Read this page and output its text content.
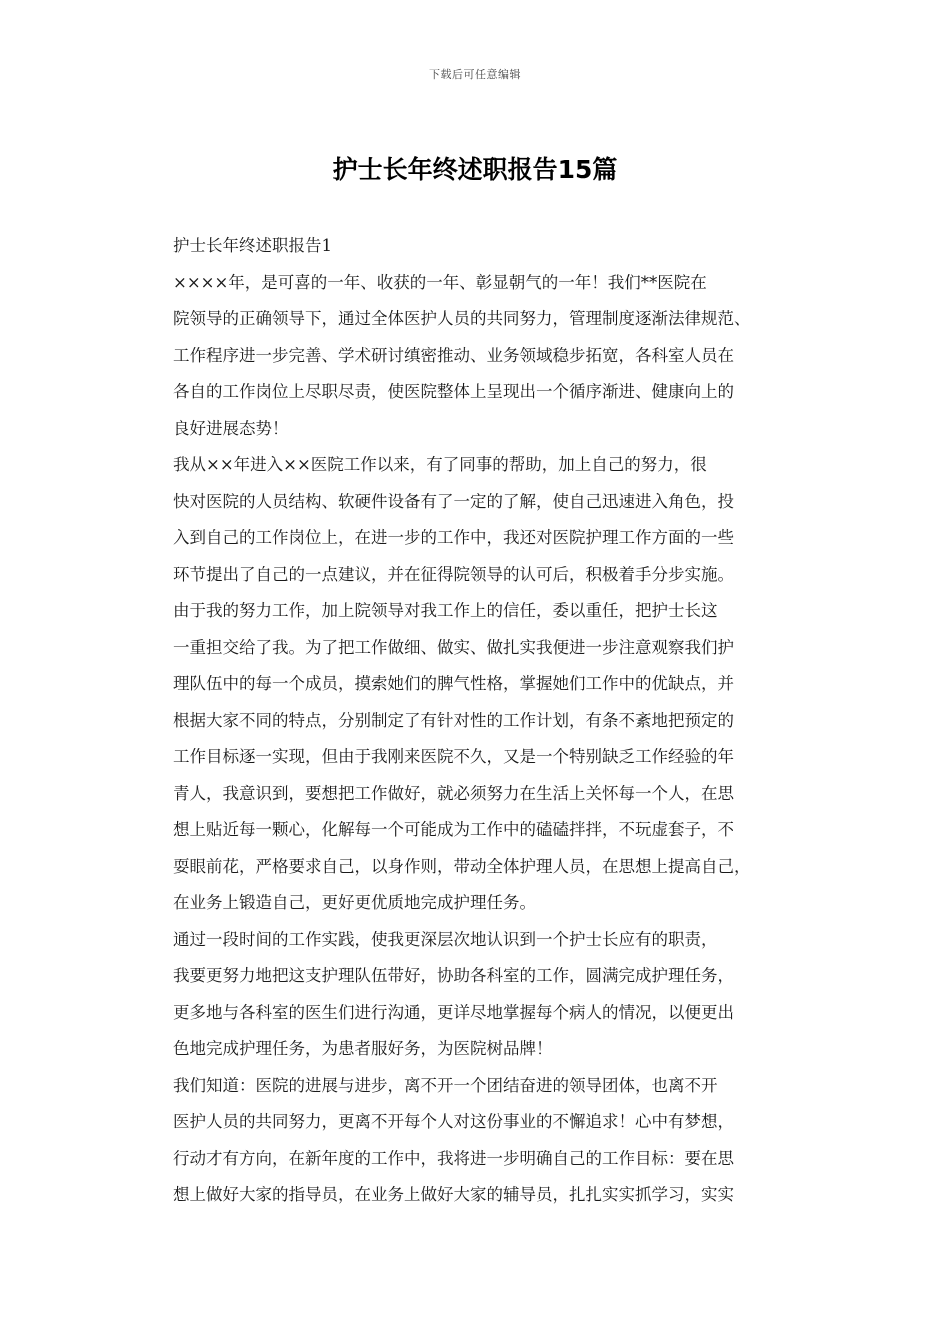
下载后可任意编辑
护士长年终述职报告15篇

护士长年终述职报告1

××××年，是可喜的一年、收获的一年、彰显朝气的一年！我们**医院在
院领导的正确领导下，通过全体医护人员的共同努力，管理制度逐渐法律规范、
工作程序进一步完善、学术研讨缜密推动、业务领域稳步拓宽，各科室人员在
各自的工作岗位上尽职尽责，使医院整体上呈现出一个循序渐进、健康向上的
良好进展态势！

我从××年进入××医院工作以来，有了同事的帮助，加上自己的努力，很
快对医院的人员结构、软硬件设备有了一定的了解，使自己迅速进入角色，投
入到自己的工作岗位上，在进一步的工作中，我还对医院护理工作方面的一些
环节提出了自己的一点建议，并在征得院领导的认可后，积极着手分步实施。

由于我的努力工作，加上院领导对我工作上的信任，委以重任，把护士长这
一重担交给了我。为了把工作做细、做实、做扎实我便进一步注意观察我们护
理队伍中的每一个成员，摸索她们的脾气性格，掌握她们工作中的优缺点，并
根据大家不同的特点，分别制定了有针对性的工作计划，有条不紊地把预定的
工作目标逐一实现，但由于我刚来医院不久，又是一个特别缺乏工作经验的年
青人，我意识到，要想把工作做好，就必须努力在生活上关怀每一个人，在思
想上贴近每一颗心，化解每一个可能成为工作中的磕磕拌拌，不玩虚套子，不
耍眼前花，严格要求自己，以身作则，带动全体护理人员，在思想上提高自己，
在业务上锻造自己，更好更优质地完成护理任务。

通过一段时间的工作实践，使我更深层次地认识到一个护士长应有的职责，
我要更努力地把这支护理队伍带好，协助各科室的工作，圆满完成护理任务，
更多地与各科室的医生们进行沟通，更详尽地掌握每个病人的情况，以便更出
色地完成护理任务，为患者服好务，为医院树品牌！

我们知道：医院的进展与进步，离不开一个团结奋进的领导团体，也离不开
医护人员的共同努力，更离不开每个人对这份事业的不懈追求！心中有梦想，
行动才有方向，在新年度的工作中，我将进一步明确自己的工作目标：要在思
想上做好大家的指导员，在业务上做好大家的辅导员，扎扎实实抓学习，实实
